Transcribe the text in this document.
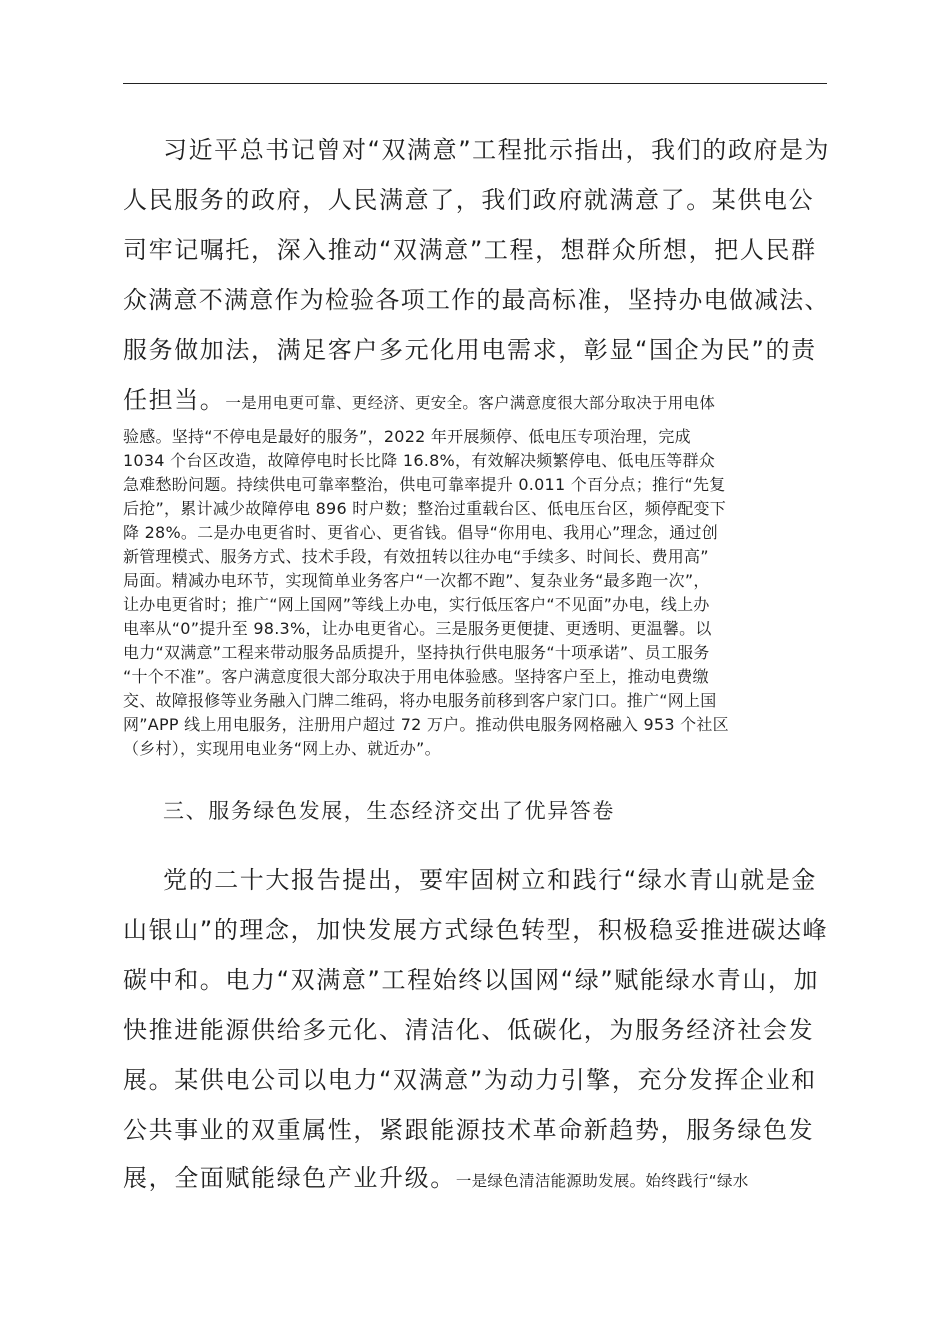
习近平总书记曾对“双满意”工程批示指出，我们的政府是为
人民服务的政府，人民满意了，我们政府就满意了。某供电公
司牢记嘱托，深入推动“双满意”工程，想群众所想，把人民群
众满意不满意作为检验各项工作的最高标准，坚持办电做减法、
服务做加法，满足客户多元化用电需求，彰显“国企为民”的责
任担当。一是用电更可靠、更经济、更安全。客户满意度很大部分取决于用电体
验感。坚持“不停电是最好的服务”，2022 年开展频停、低电压专项治理，完成
1034 个台区改造，故障停电时长比降 16.8%，有效解决频繁停电、低电压等群众
急难愁盼问题。持续供电可靠率整治，供电可靠率提升 0.011 个百分点；推行“先复
后抢”，累计减少故障停电 896 时户数；整治过重载台区、低电压台区，频停配变下
降 28%。二是办电更省时、更省心、更省钱。倡导“你用电、我用心”理念，通过创
新管理模式、服务方式、技术手段，有效扭转以往办电“手续多、时间长、费用高”
局面。精减办电环节，实现简单业务客户“一次都不跑”、复杂业务“最多跑一次”，
让办电更省时；推广“网上国网”等线上办电，实行低压客户“不见面”办电，线上办
电率从“0”提升至 98.3%，让办电更省心。三是服务更便捷、更透明、更温馨。以
电力“双满意”工程来带动服务品质提升，坚持执行供电服务“十项承诺”、员工服务
“十个不准”。客户满意度很大部分取决于用电体验感。坚持客户至上，推动电费缴
交、故障报修等业务融入门牌二维码，将办电服务前移到客户家门口。推广“网上国
网”APP 线上用电服务，注册用户超过 72 万户。推动供电服务网格融入 953 个社区
（乡村），实现用电业务“网上办、就近办”。
三、服务绿色发展，生态经济交出了优异答卷
党的二十大报告提出，要牢固树立和践行“绿水青山就是金
山银山”的理念，加快发展方式绿色转型，积极稳妥推进碳达峰
碳中和。电力“双满意”工程始终以国网“绿”赋能绿水青山，加
快推进能源供给多元化、清洁化、低碳化，为服务经济社会发
展。某供电公司以电力“双满意”为动力引擎，充分发挥企业和
公共事业的双重属性，紧跟能源技术革命新趋势，服务绿色发
展，全面赋能绿色产业升级。一是绿色清洁能源助发展。始终践行“绿水
